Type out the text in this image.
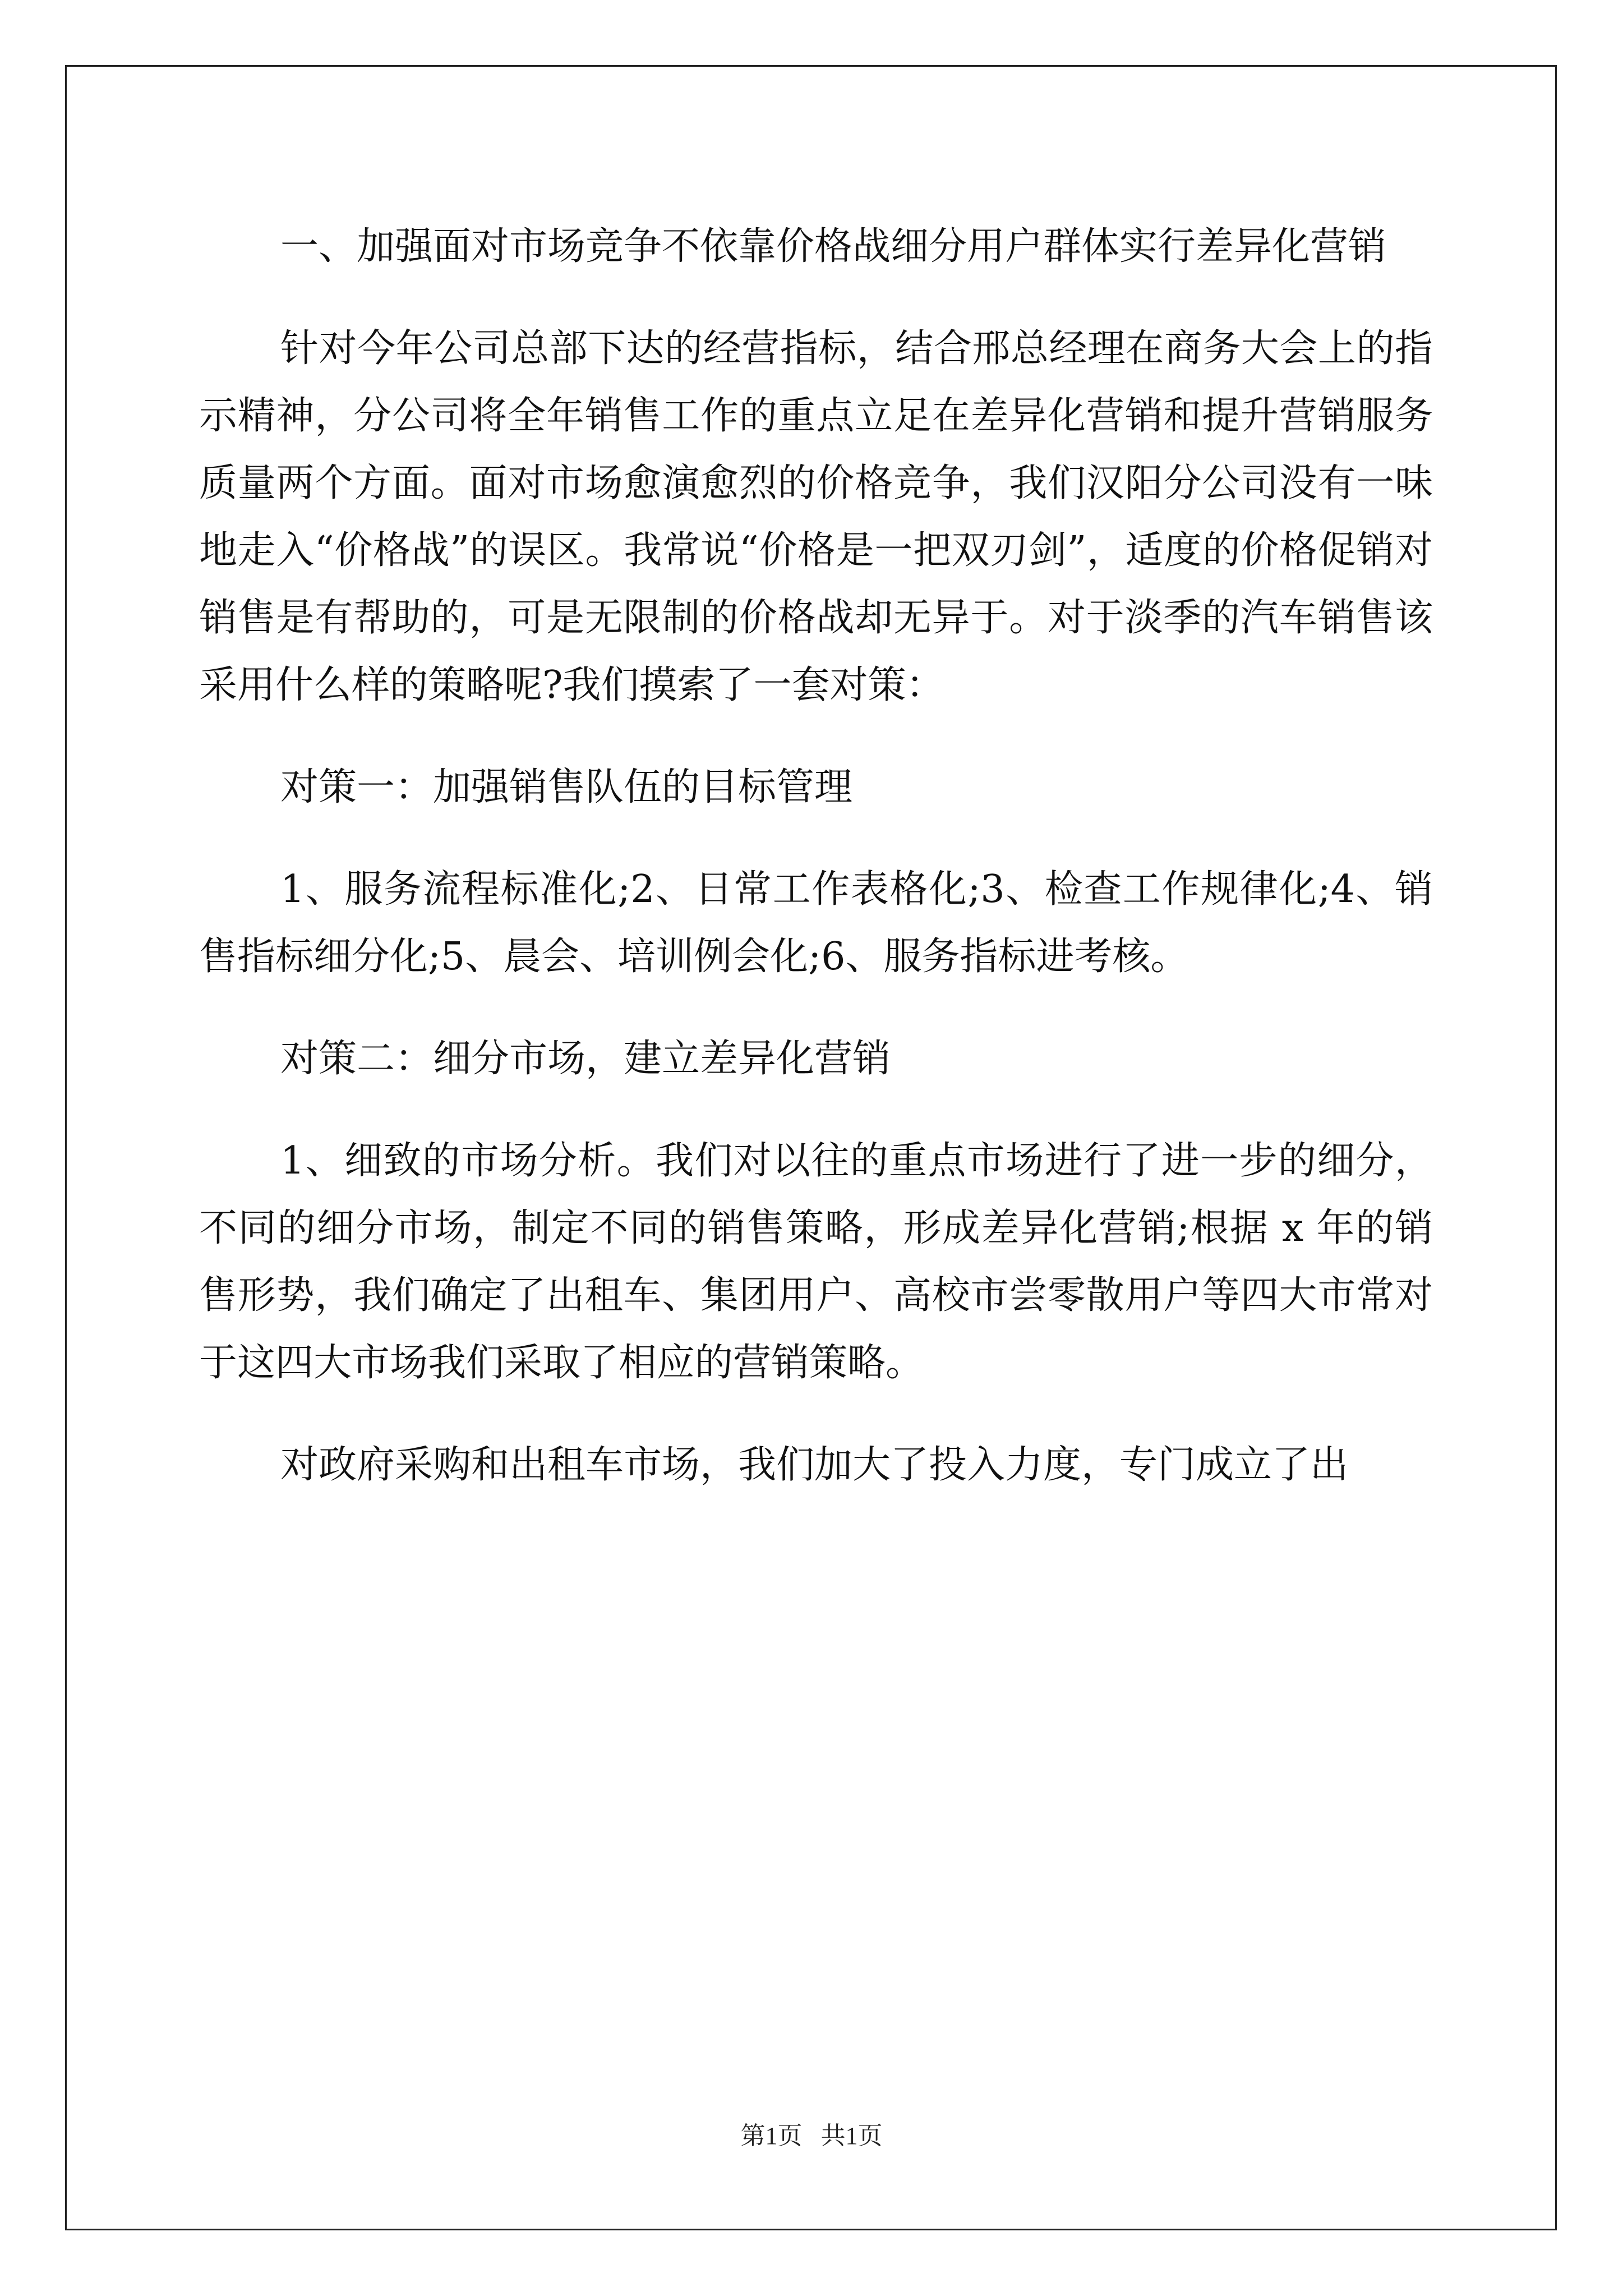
一、加强面对市场竞争不依靠价格战细分用户群体实行差异化营销

针对今年公司总部下达的经营指标，结合邢总经理在商务大会上的指示精神，分公司将全年销售工作的重点立足在差异化营销和提升营销服务质量两个方面。面对市场愈演愈烈的价格竞争，我们汉阳分公司没有一味地走入“价格战”的误区。我常说“价格是一把双刃剑”，适度的价格促销对销售是有帮助的，可是无限制的价格战却无异于。对于淡季的汽车销售该采用什么样的策略呢?我们摸索了一套对策：

对策一：加强销售队伍的目标管理

1、服务流程标准化;2、日常工作表格化;3、检查工作规律化;4、销售指标细分化;5、晨会、培训例会化;6、服务指标进考核。

对策二：细分市场，建立差异化营销

1、细致的市场分析。我们对以往的重点市场进行了进一步的细分，不同的细分市场，制定不同的销售策略，形成差异化营销;根据 x 年的销售形势，我们确定了出租车、集团用户、高校市尝零散用户等四大市常对于这四大市场我们采取了相应的营销策略。

对政府采购和出租车市场，我们加大了投入力度，专门成立了出

第1页 共1页
